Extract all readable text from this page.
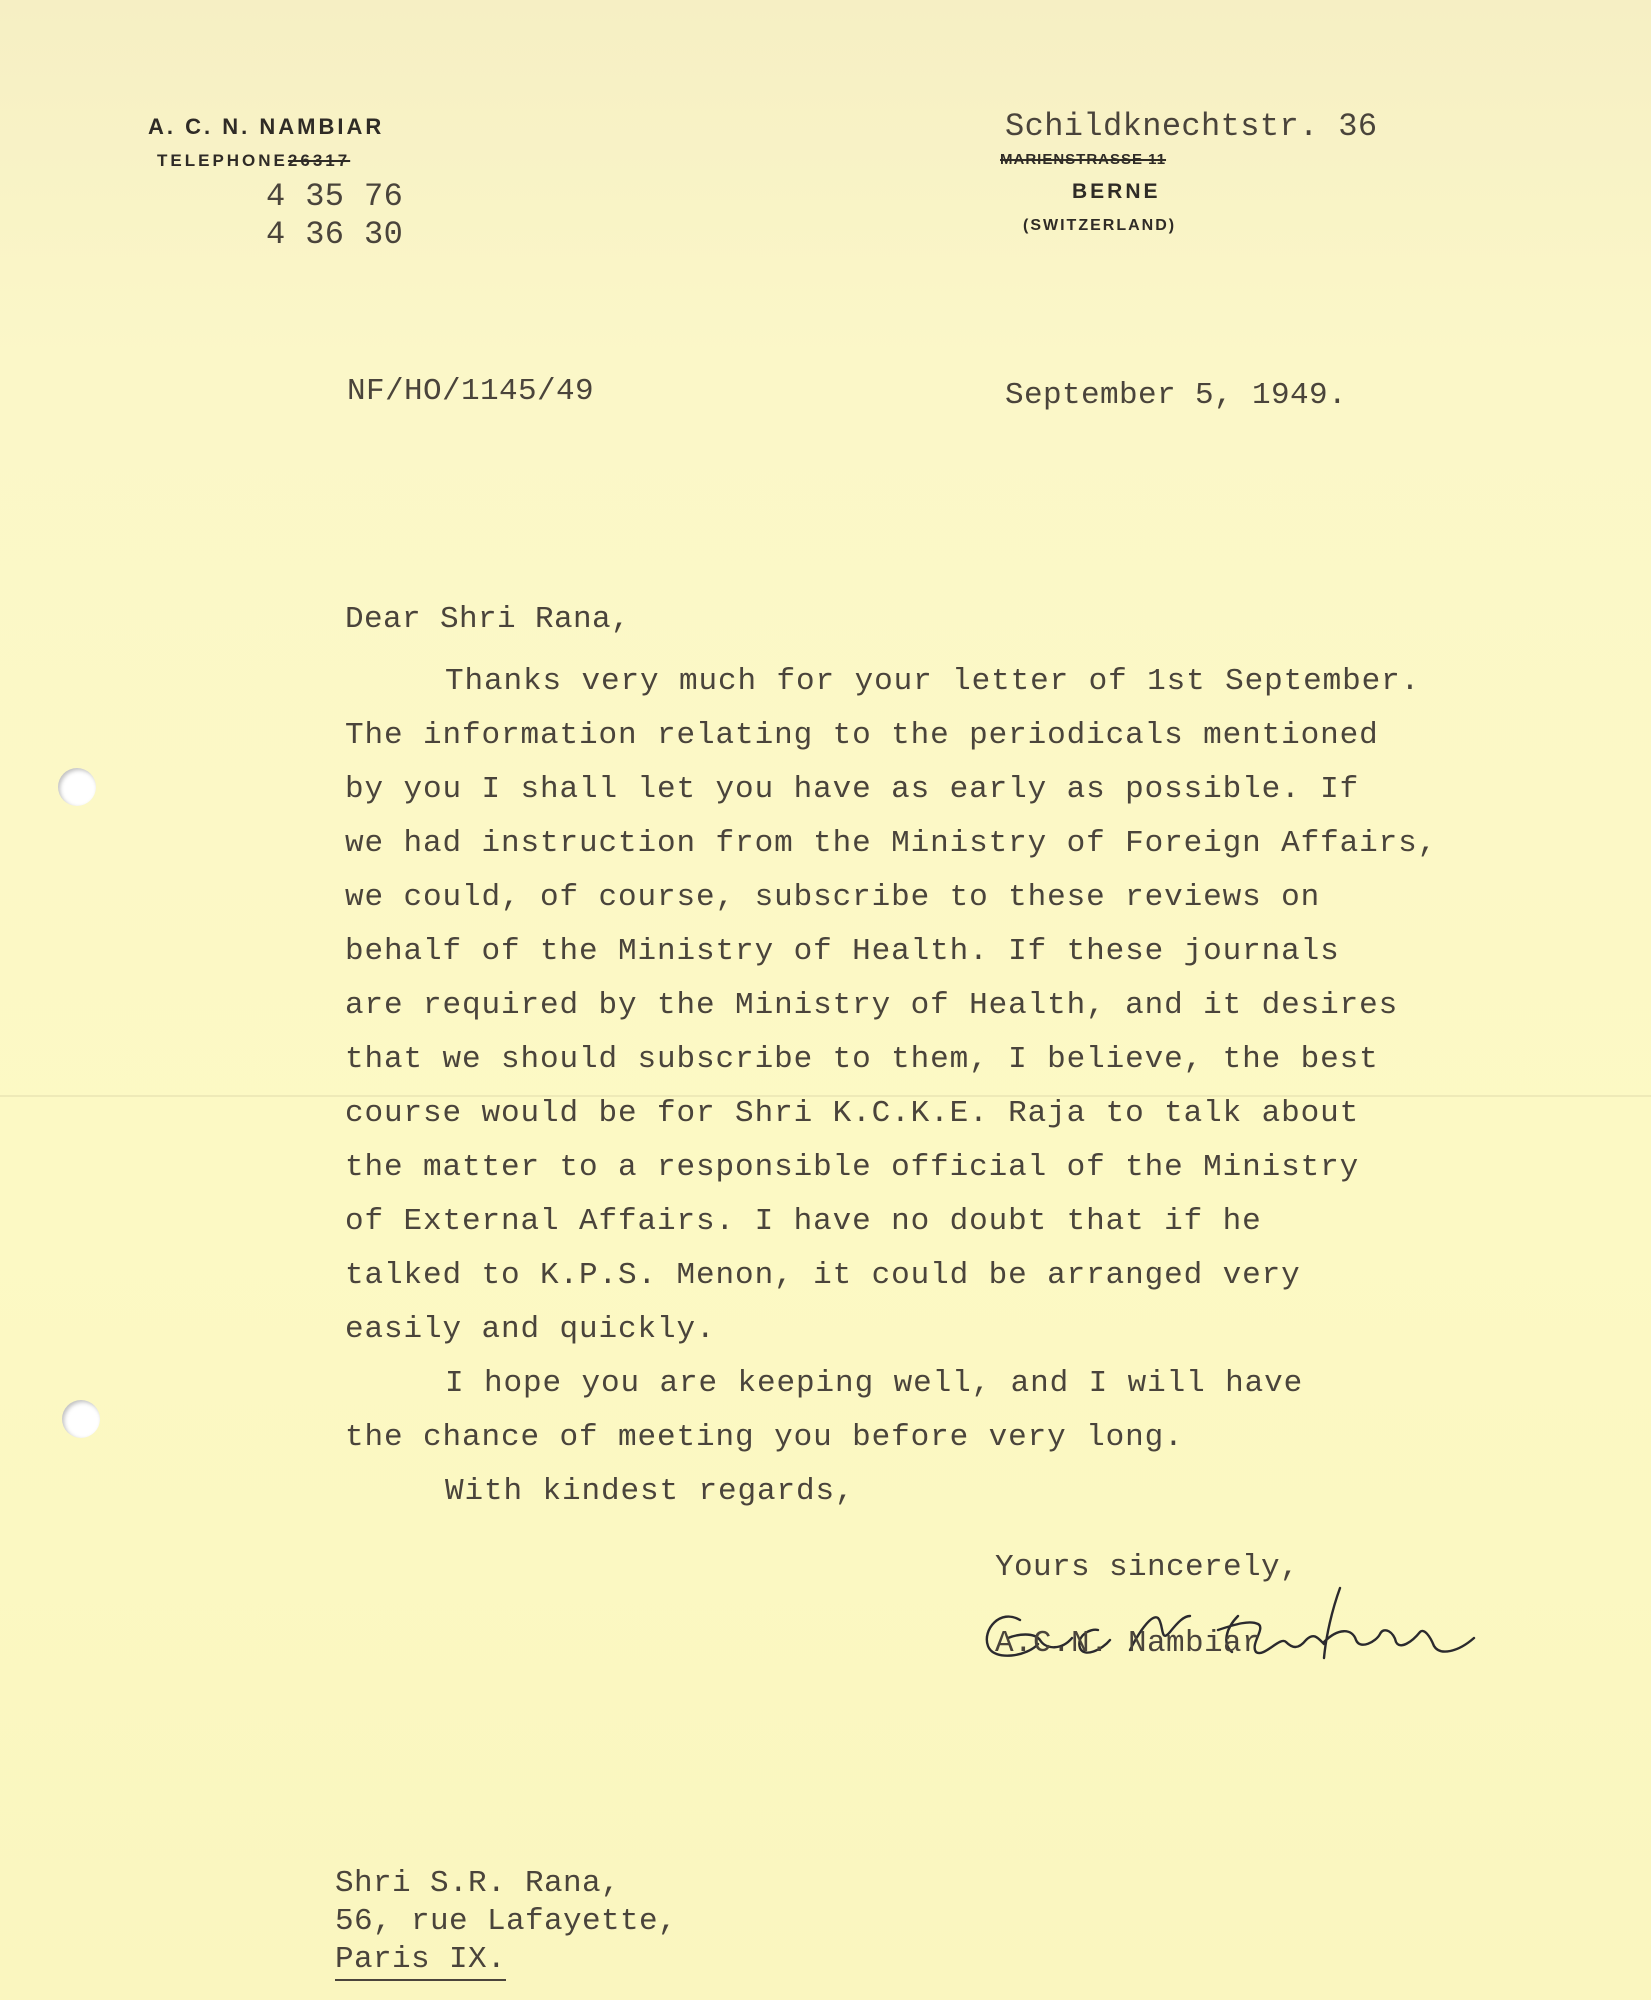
A. C. N. NAMBIAR
TELEPHONE26317
4 35 76
4 36 30
Schildknechtstr. 36
MARIENSTRASSE 11
BERNE
(SWITZERLAND)
NF/HO/1145/49	September 5, 1949.
Dear Shri Rana,
Thanks very much for your letter of 1st September.
The information relating to the periodicals mentioned
by you I shall let you have as early as possible. If
we had instruction from the Ministry of Foreign Affairs,
we could, of course, subscribe to these reviews on
behalf of the Ministry of Health. If these journals
are required by the Ministry of Health, and it desires
that we should subscribe to them, I believe, the best
course would be for Shri K.C.K.E. Raja to talk about
the matter to a responsible official of the Ministry
of External Affairs. I have no doubt that if he
talked to K.P.S. Menon, it could be arranged very
easily and quickly.
I hope you are keeping well, and I will have
the chance of meeting you before very long.
With kindest regards,
Yours sincerely,
A.C.N. Nambiar
Shri S.R. Rana,
56, rue Lafayette,
Paris IX.
